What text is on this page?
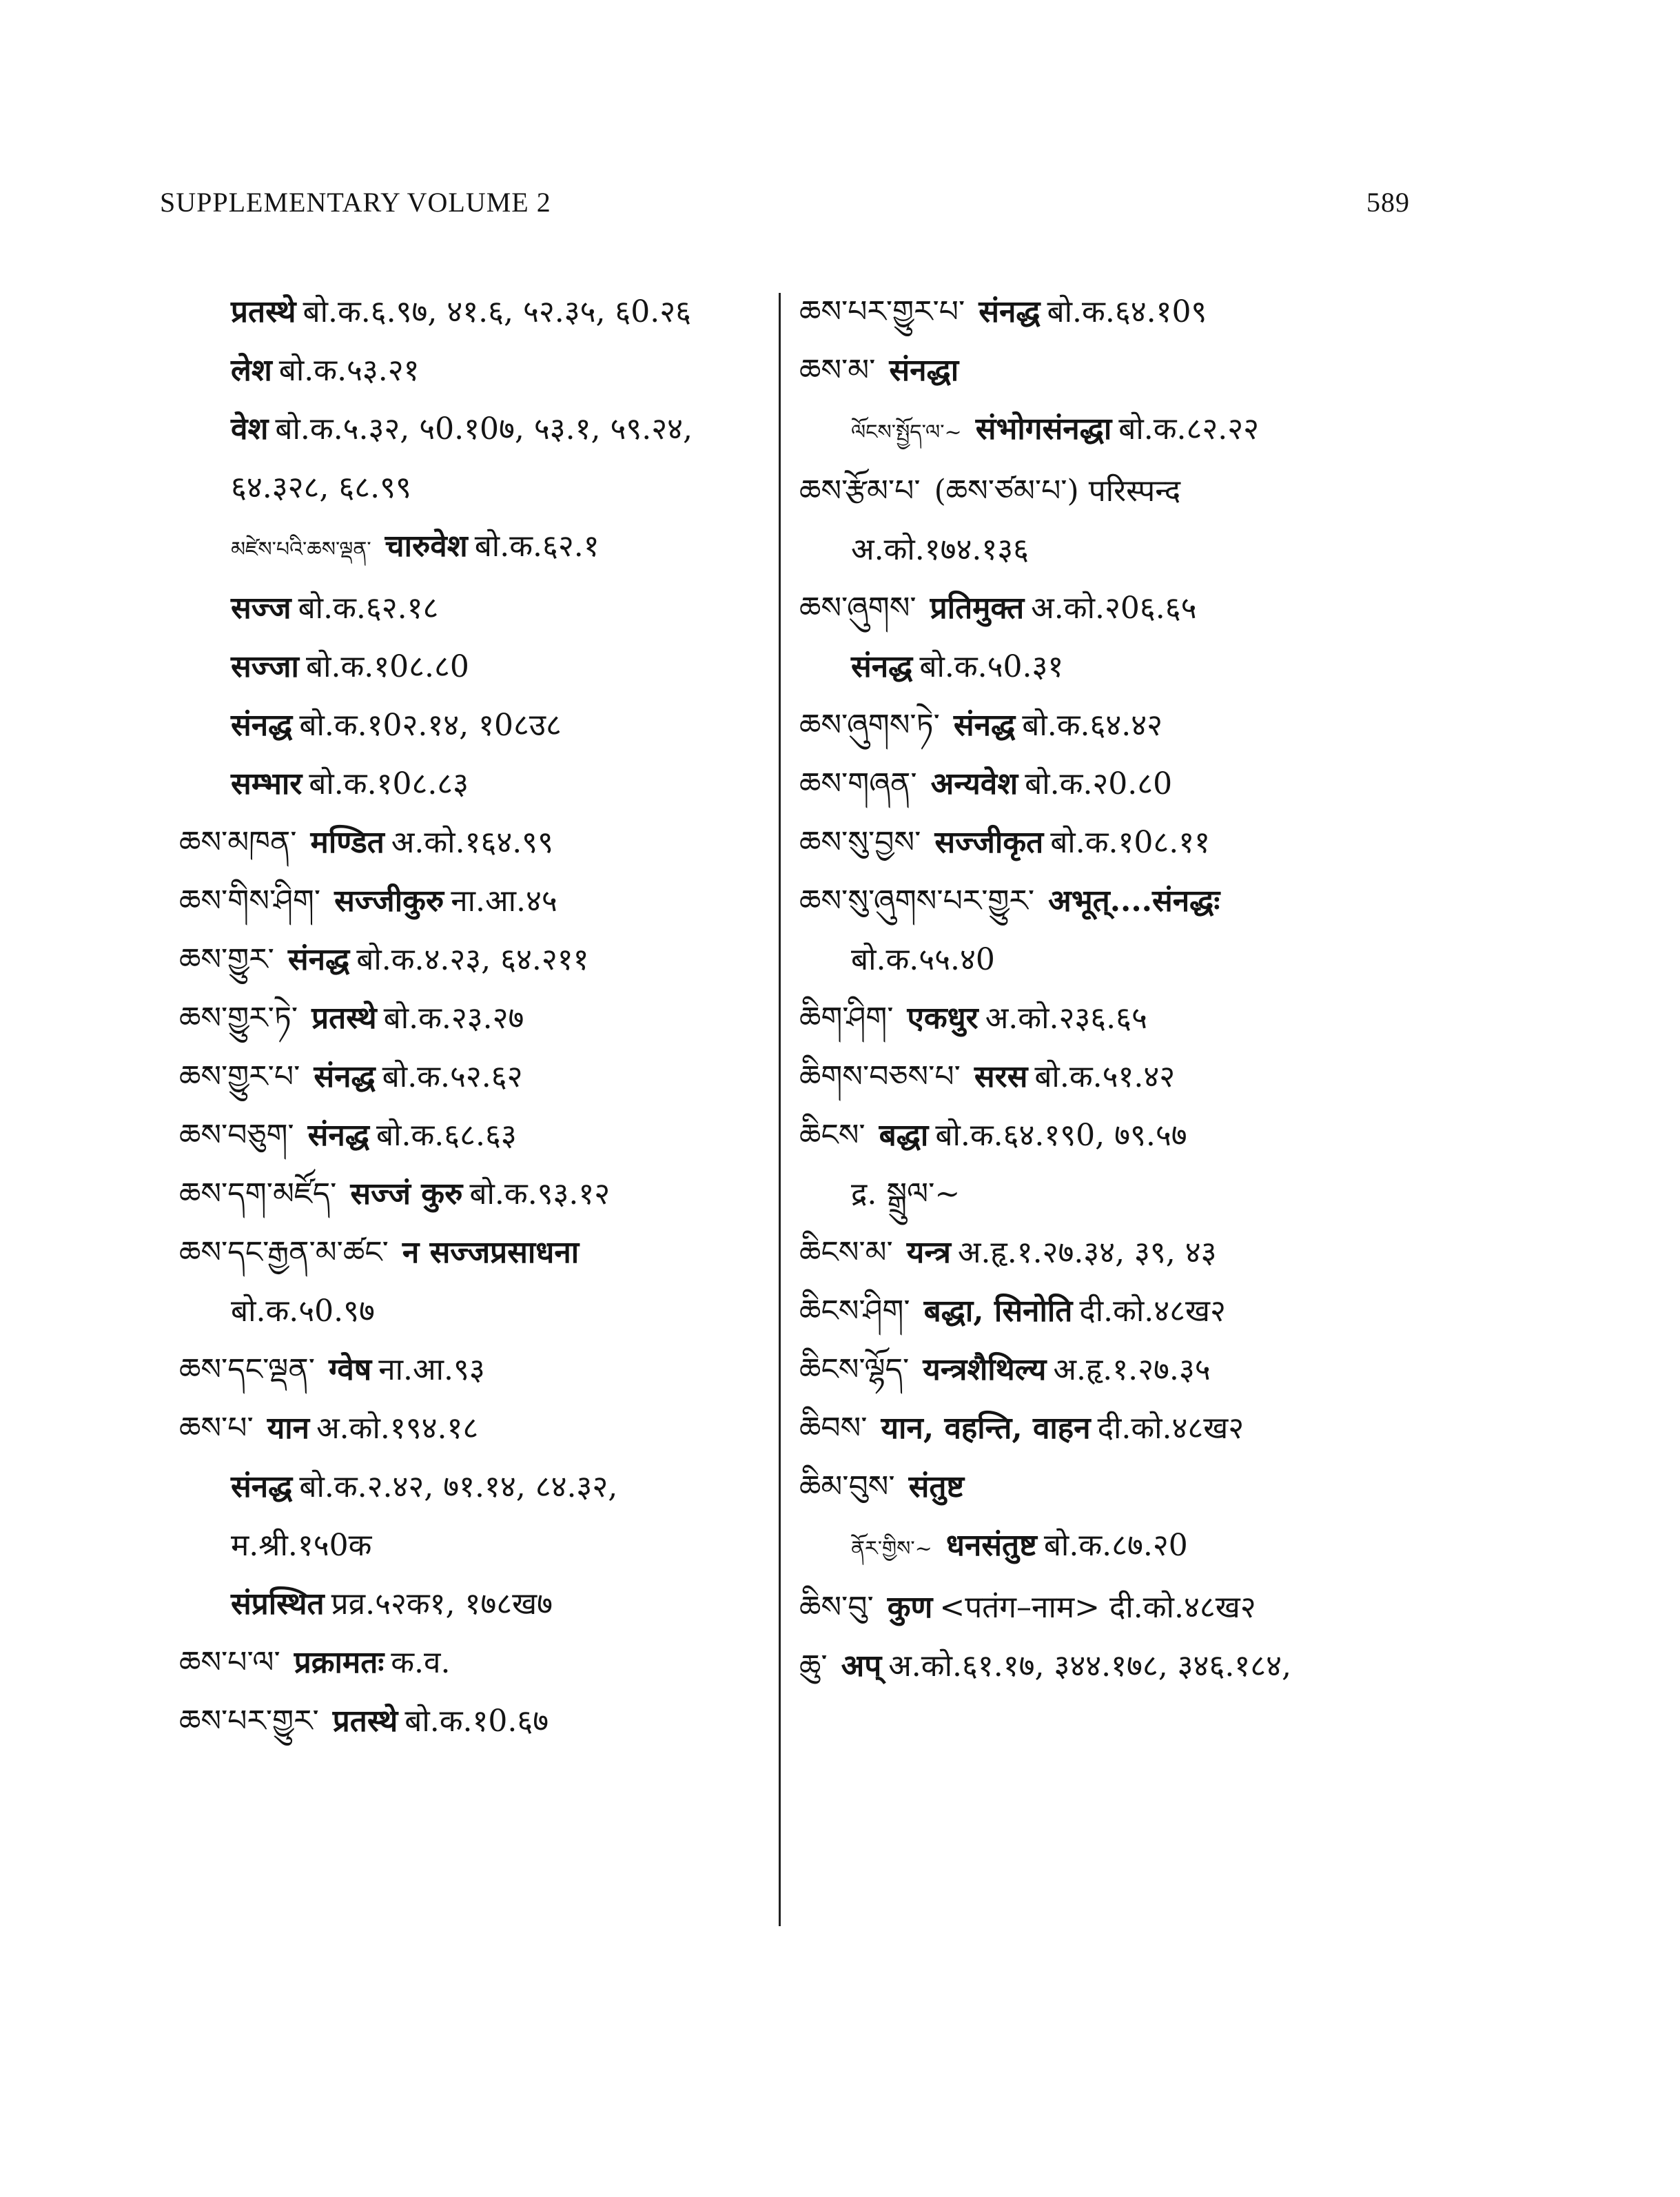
SUPPLEMENTARY VOLUME 2	589
प्रतस्थे बो.क.६.९७, ४१.६, ५२.३५, ६0.२६
लेश बो.क.५३.२१
वेश बो.क.५.३२, ५0.१0७, ५३.१, ५९.२४,
६४.३२८, ६८.९९
མཛེས་པའི་ཆས་ལྡན་ चारुवेश बो.क.६२.१
सज्ज बो.क.६२.१८
सज्जा बो.क.१0८.८0
संनद्ध बो.क.१0२.१४, १0८उ८
सम्भार बो.क.१0८.८३
ཆས་མཁན་ मण्डित अ.को.१६४.९९
ཆས་གིས་ཤིག་ सज्जीकुरु ना.आ.४५
ཆས་གྱུར་ संनद्ध बो.क.४.२३, ६४.२११
ཆས་གྱུར་ཏེ་ प्रतस्थे बो.क.२३.२७
ཆས་གྱུར་པ་ संनद्ध बो.क.५२.६२
ཆས་བཅུག་ संनद्ध बो.क.६८.६३
ཆས་དག་མཛོད་ सज्जं कुरु बो.क.९३.१२
ཆས་དང་རྒྱན་མ་ཚང་ न सज्जप्रसाधना
बो.क.५0.९७
ཆས་དང་ལྡན་ ग्वेष ना.आ.९३
ཆས་པ་ यान अ.को.१९४.१८
संनद्ध बो.क.२.४२, ७१.१४, ८४.३२,
म.श्री.१५0क
संप्रस्थित प्रव्र.५२क१, १७८ख७
ཆས་པ་ལ་ प्रक्रामतः क.व.
ཆས་པར་གྱུར་ प्रतस्थे बो.क.१0.६७
ཆས་པར་གྱུར་པ་ संनद्ध बो.क.६४.१0९
ཆས་མ་ संनद्धा
ལོངས་སྤྱོད་ལ་~ संभोगसंनद्धा बो.क.८२.२२
ཆས་རྩོམ་པ་ (ཆས་ཙམ་པ་) परिस्पन्द
अ.को.१७४.१३६
ཆས་ཞུགས་ प्रतिमुक्त अ.को.२0६.६५
संनद्ध बो.क.५0.३१
ཆས་ཞུགས་ཏེ་ संनद्ध बो.क.६४.४२
ཆས་གཞན་ अन्यवेश बो.क.२0.८0
ཆས་སུ་བྱས་ सज्जीकृत बो.क.१0८.११
ཆས་སུ་ཞུགས་པར་གྱུར་ अभूत्....संनद्धः
बो.क.५५.४0
ཆིག་ཤིག་ एकधुर अ.को.२३६.६५
ཆིགས་བཅས་པ་ सरस बो.क.५१.४२
ཆིངས་ बद्धा बो.क.६४.१९0, ७९.५७
द्र. སྒྲུལ་~
ཆིངས་མ་ यन्त्र अ.हृ.१.२७.३४, ३९, ४३
ཆིངས་ཤིག་ बद्धा, सिनोति दी.को.४८ख२
ཆིངས་ལྷོད་ यन्त्रशैथिल्य अ.हृ.१.२७.३५
ཆིབས་ यान, वहन्ति, वाहन दी.को.४८ख२
ཆིམ་བུས་ संतुष्ट
ནོར་གྱིས་~ धनसंतुष्ट बो.क.८७.२0
ཆིས་བུ་ कुण <पतंग–नाम> दी.को.४८ख२
ཆུ་ अप् अ.को.६१.१७, ३४४.१७८, ३४६.१८४,
